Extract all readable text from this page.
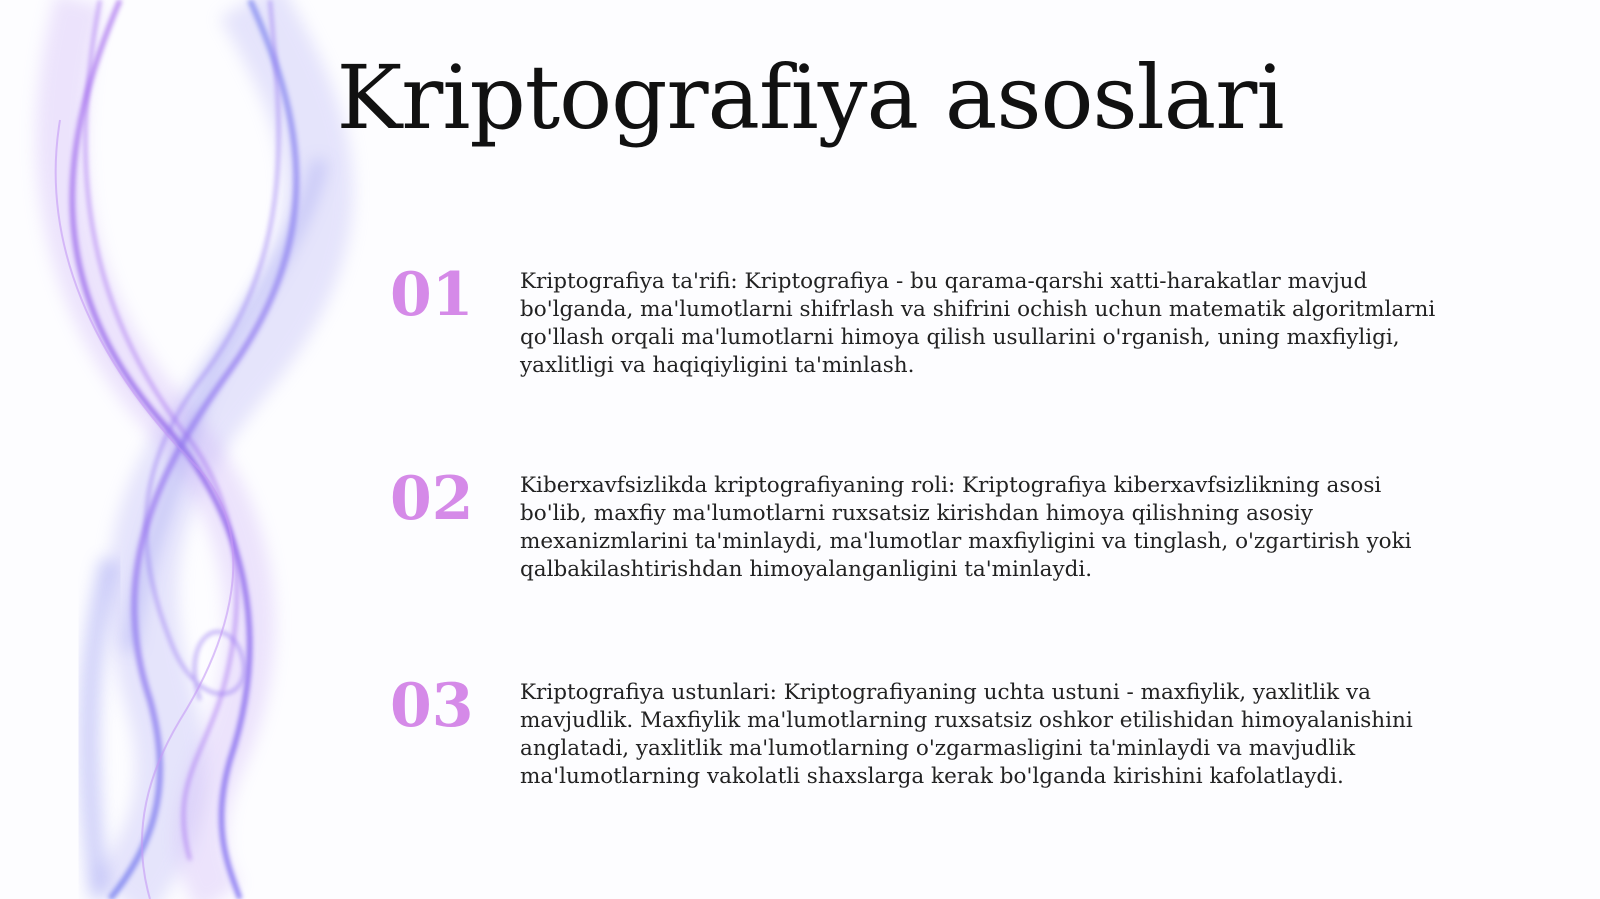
Kriptografiya asoslari
01	Kriptografiya ta'rifi: Kriptografiya - bu qarama-qarshi xatti-harakatlar mavjud bo'lganda, ma'lumotlarni shifrlash va shifrini ochish uchun matematik algoritmlarni qo'llash orqali ma'lumotlarni himoya qilish usullarini o'rganish, uning maxfiyligi, yaxlitligi va haqiqiyligini ta'minlash.
02	Kiberxavfsizlikda kriptografiyaning roli: Kriptografiya kiberxavfsizlikning asosi bo'lib, maxfiy ma'lumotlarni ruxsatsiz kirishdan himoya qilishning asosiy mexanizmlarini ta'minlaydi, ma'lumotlar maxfiyligini va tinglash, o'zgartirish yoki qalbakilashtirishdan himoyalanganligini ta'minlaydi.
03	Kriptografiya ustunlari: Kriptografiyaning uchta ustuni - maxfiylik, yaxlitlik va mavjudlik. Maxfiylik ma'lumotlarning ruxsatsiz oshkor etilishidan himoyalanishini anglatadi, yaxlitlik ma'lumotlarning o'zgarmasligini ta'minlaydi va mavjudlik ma'lumotlarning vakolatli shaxslarga kerak bo'lganda kirishini kafolatlaydi.
